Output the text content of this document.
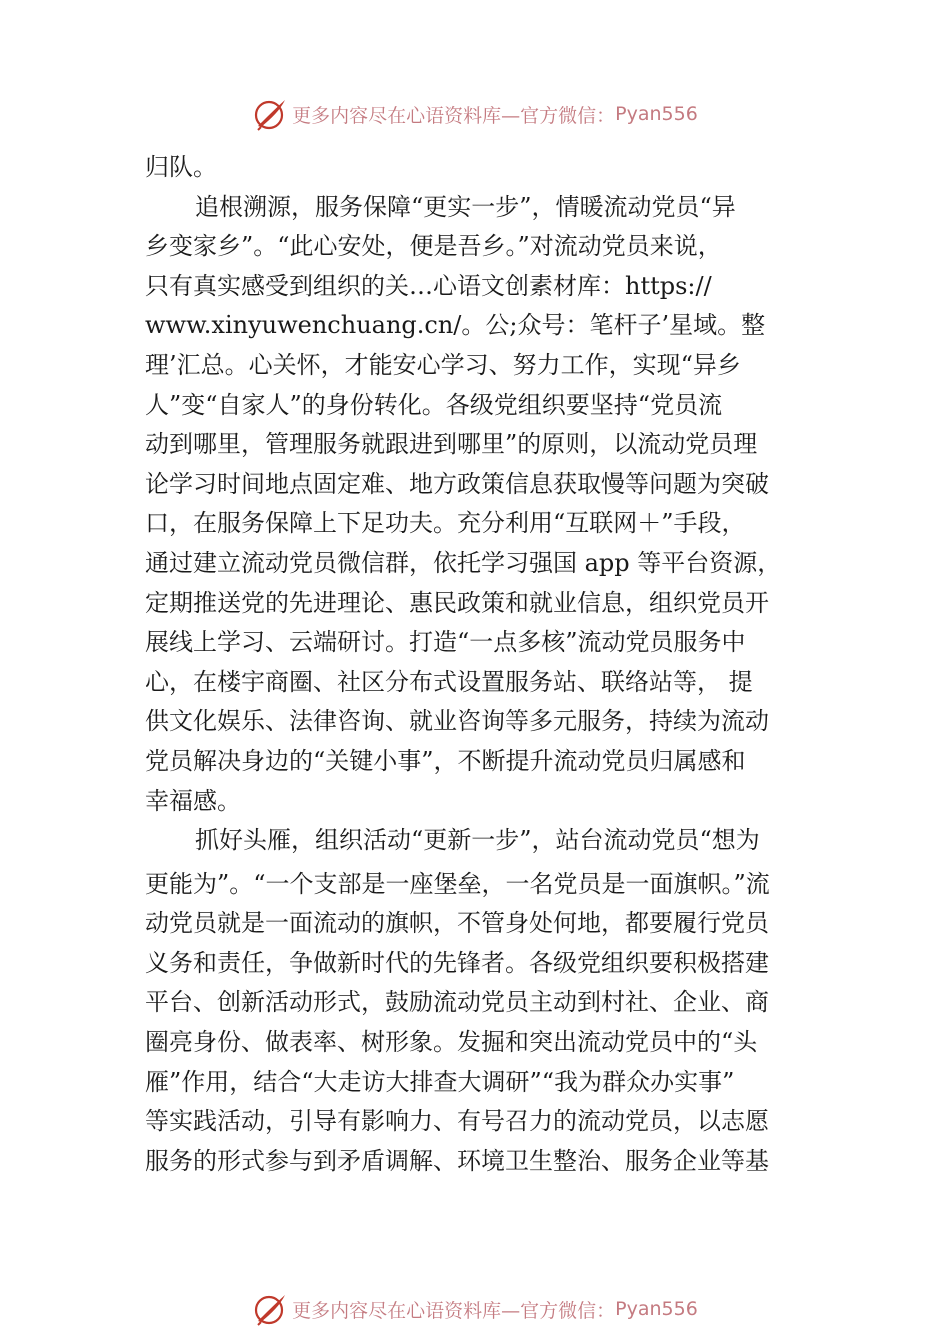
更多内容尽在心语资料库—官方微信： Pyan556
归队。
追根溯源，服务保障“更实一步”，情暖流动党员“异
乡变家乡”。“此心安处，便是吾乡。”对流动党员来说，
只有真实感受到组织的关…心语文创素材库：https://
www.xinyuwenchuang.cn/。公;众号：笔杆子’星域。整
理’汇总。心关怀，才能安心学习、努力工作，实现“异乡
人”变“自家人”的身份转化。各级党组织要坚持“党员流
动到哪里，管理服务就跟进到哪里”的原则，以流动党员理
论学习时间地点固定难、地方政策信息获取慢等问题为突破
口，在服务保障上下足功夫。充分利用“互联网＋”手段，
通过建立流动党员微信群，依托学习强国 app 等平台资源，
定期推送党的先进理论、惠民政策和就业信息，组织党员开
展线上学习、云端研讨。打造“一点多核”流动党员服务中
心，在楼宇商圈、社区分布式设置服务站、联络站等， 提
供文化娱乐、法律咨询、就业咨询等多元服务，持续为流动
党员解决身边的“关键小事”，不断提升流动党员归属感和
幸福感。
抓好头雁，组织活动“更新一步”，站台流动党员“想为
更能为”。“一个支部是一座堡垒，一名党员是一面旗帜。”流
动党员就是一面流动的旗帜，不管身处何地，都要履行党员
义务和责任，争做新时代的先锋者。各级党组织要积极搭建
平台、创新活动形式，鼓励流动党员主动到村社、企业、商
圈亮身份、做表率、树形象。发掘和突出流动党员中的“头
雁”作用，结合“大走访大排查大调研”“我为群众办实事”
等实践活动，引导有影响力、有号召力的流动党员，以志愿
服务的形式参与到矛盾调解、环境卫生整治、服务企业等基
更多内容尽在心语资料库—官方微信： Pyan556
